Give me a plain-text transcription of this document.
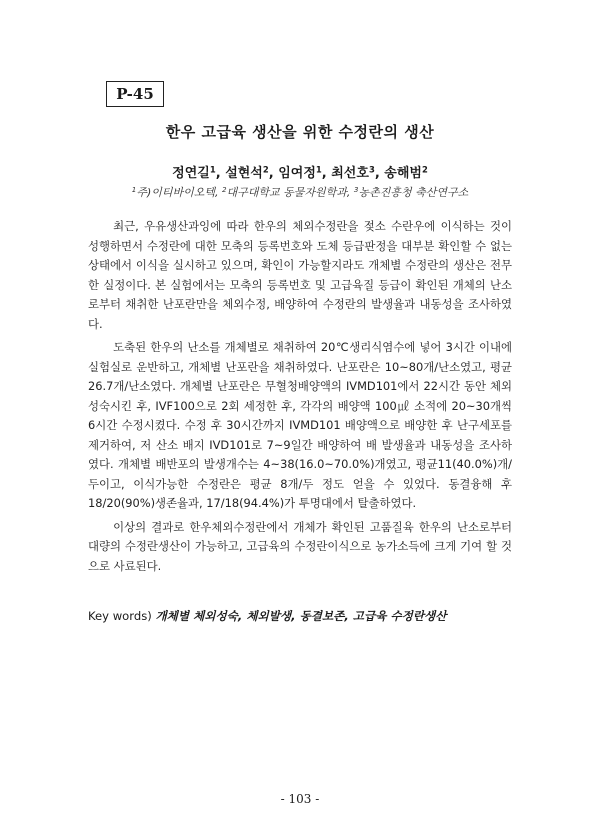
P-45
한우 고급육 생산을 위한 수정란의 생산
정연길$^1$, 설현석$^2$, 임여정$^1$, 최선호$^3$, 송해범$^2$
$^1$주)이티바이오텍, $^2$대구대학교 동물자원학과, $^3$농촌진흥청 축산연구소

최근, 우유생산과잉에 따라 한우의 체외수정란을 젖소 수란우에 이식하는 것이 성행하면서 수정란에 대한 모축의 등록번호와 도체 등급판정을 대부분 확인할 수 없는 상태에서 이식을 실시하고 있으며, 확인이 가능할지라도 개체별 수정란의 생산은 전무한 실정이다. 본 실험에서는 모축의 등록번호 및 고급육질 등급이 확인된 개체의 난소로부터 채취한 난포란만을 체외수정, 배양하여 수정란의 발생율과 내동성을 조사하였다.

도축된 한우의 난소를 개체별로 채취하여 20℃생리식염수에 넣어 3시간 이내에 실험실로 운반하고, 개체별 난포란을 채취하였다. 난포란은 10~80개/난소였고, 평균 26.7개/난소였다. 개체별 난포란은 무혈청배양액의 IVMD101에서 22시간 동안 체외성숙시킨 후, IVF100으로 2회 세정한 후, 각각의 배양액 100㎕ 소적에 20~30개씩 6시간 수정시켰다. 수정 후 30시간까지 IVMD101 배양액으로 배양한 후 난구세포를 제거하여, 저 산소 배지 IVD101로 7~9일간 배양하여 배 발생율과 내동성을 조사하였다. 개체별 배반포의 발생개수는 4~38(16.0~70.0%)개였고, 평균11(40.0%)개/두이고, 이식가능한 수정란은 평균 8개/두 정도 얻을 수 있었다. 동결융해 후 18/20(90%)생존율과, 17/18(94.4%)가 투명대에서 탈출하였다.

이상의 결과로 한우체외수정란에서 개체가 확인된 고품질육 한우의 난소로부터 대량의 수정란생산이 가능하고, 고급육의 수정란이식으로 농가소득에 크게 기여 할 것으로 사료된다.

Key words) 개체별 체외성숙, 체외발생, 동결보존, 고급육 수정란생산
- 103 -
